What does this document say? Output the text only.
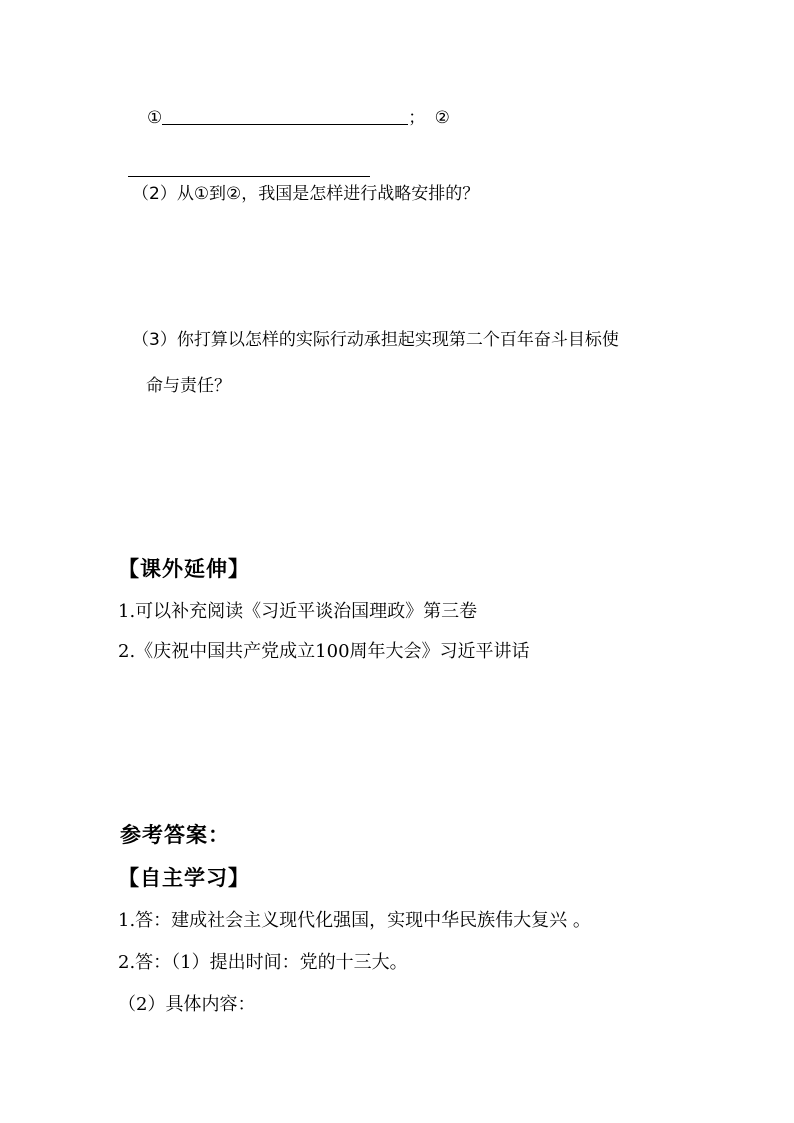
①	； ②
（2）从①到②，我国是怎样进行战略安排的？
（3）你打算以怎样的实际行动承担起实现第二个百年奋斗目标使
命与责任？
【课外延伸】
1.可以补充阅读《习近平谈治国理政》第三卷
2.《庆祝中国共产党成立100周年大会》习近平讲话
参考答案：
【自主学习】
1.答：建成社会主义现代化强国，实现中华民族伟大复兴 。
2.答：（1）提出时间：党的十三大。
（2）具体内容：
